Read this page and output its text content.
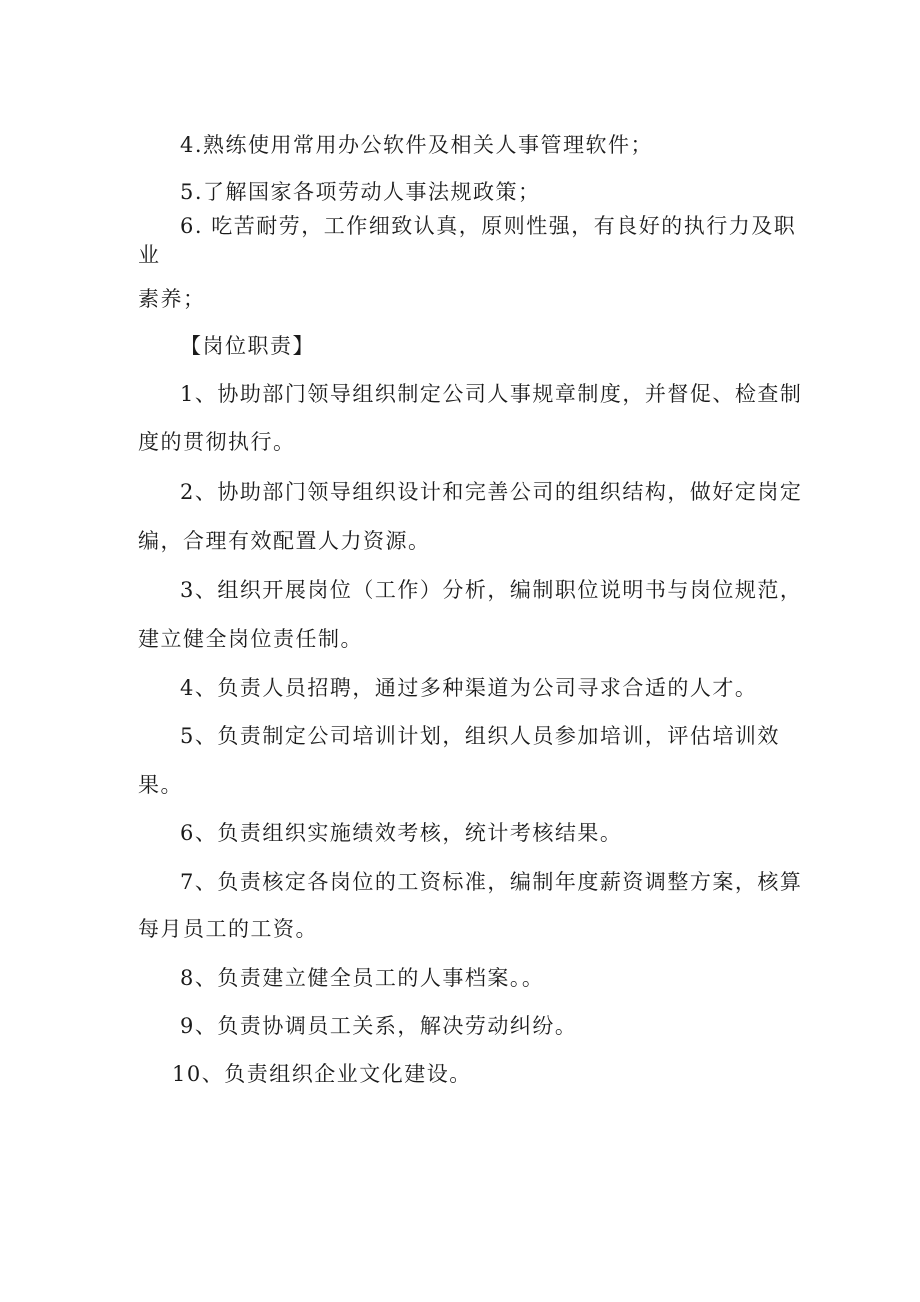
4.熟练使用常用办公软件及相关人事管理软件；
5.了解国家各项劳动人事法规政策；
6. 吃苦耐劳，工作细致认真，原则性强，有良好的执行力及职
业
素养；
【岗位职责】
1、协助部门领导组织制定公司人事规章制度，并督促、检查制
度的贯彻执行。
2、协助部门领导组织设计和完善公司的组织结构，做好定岗定
编，合理有效配置人力资源。
3、组织开展岗位（工作）分析，编制职位说明书与岗位规范，
建立健全岗位责任制。
4、负责人员招聘，通过多种渠道为公司寻求合适的人才。
5、负责制定公司培训计划，组织人员参加培训，评估培训效
果。
6、负责组织实施绩效考核，统计考核结果。
7、负责核定各岗位的工资标准，编制年度薪资调整方案，核算
每月员工的工资。
8、负责建立健全员工的人事档案。。
9、负责协调员工关系，解决劳动纠纷。
10、负责组织企业文化建设。
